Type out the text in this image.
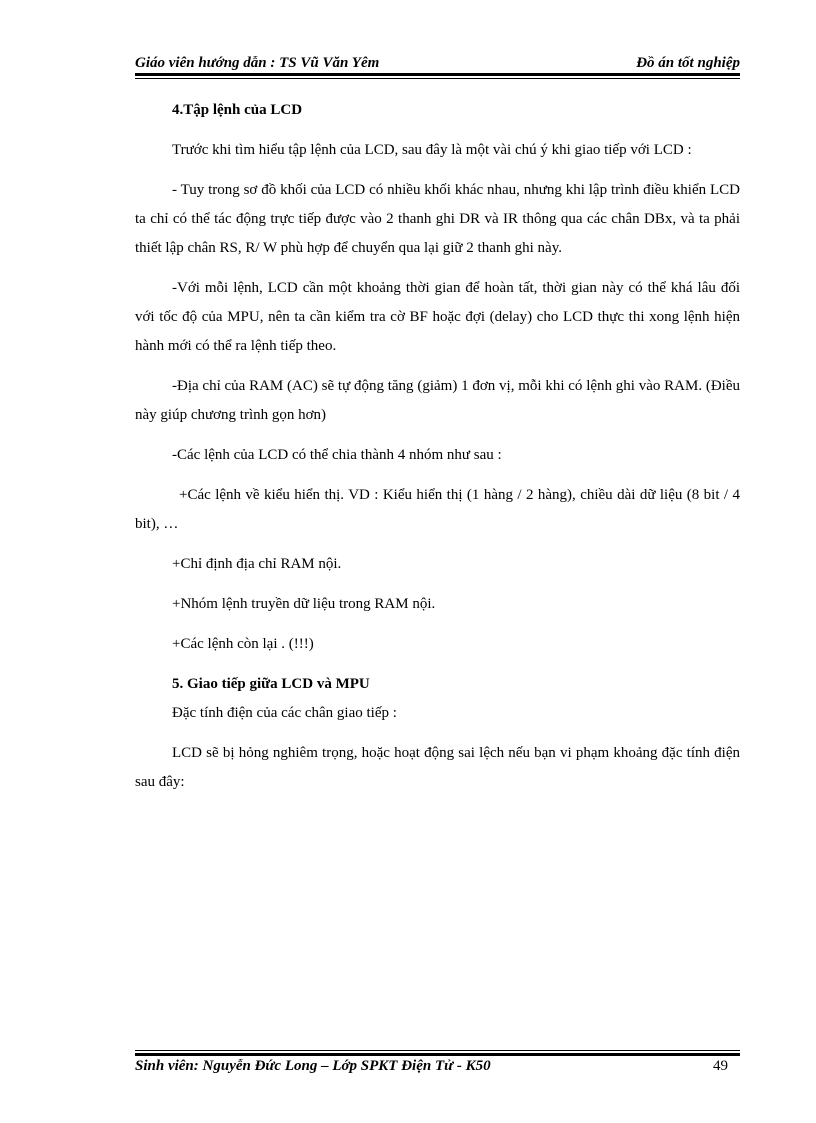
Giáo viên hướng dẫn : TS Vũ Văn Yêm	Đồ án tốt nghiệp

4.Tập lệnh của LCD

Trước khi tìm hiểu tập lệnh của LCD, sau đây là một vài chú ý khi giao tiếp với LCD :

- Tuy trong sơ đồ khối của LCD có nhiều khối khác nhau, nhưng khi lập trình điều khiển LCD ta chỉ có thể tác động trực tiếp được vào 2 thanh ghi DR và IR thông qua các chân DBx, và ta phải thiết lập chân RS, R/ W phù hợp để chuyển qua lại giữ 2 thanh ghi này.

-Với mỗi lệnh, LCD cần một khoảng thời gian để hoàn tất, thời gian này có thể khá lâu đối với tốc độ của MPU, nên ta cần kiểm tra cờ BF hoặc đợi (delay) cho LCD thực thi xong lệnh hiện hành mới có thể ra lệnh tiếp theo.

-Địa chỉ của RAM (AC) sẽ tự động tăng (giảm) 1 đơn vị, mỗi khi có lệnh ghi vào RAM. (Điều này giúp chương trình gọn hơn)

-Các lệnh của LCD có thể chia thành 4 nhóm như sau :

+Các lệnh về kiểu hiển thị. VD : Kiểu hiển thị (1 hàng / 2 hàng), chiều dài dữ liệu (8 bit / 4 bit), …

+Chỉ định địa chỉ RAM nội.

+Nhóm lệnh truyền dữ liệu trong RAM nội.

+Các lệnh còn lại . (!!!)

5. Giao tiếp giữa LCD và MPU

Đặc tính điện của các chân giao tiếp :

LCD sẽ bị hỏng nghiêm trọng, hoặc hoạt động sai lệch nếu bạn vi phạm khoảng đặc tính điện sau đây:

Sinh viên: Nguyễn Đức Long – Lớp SPKT Điện Tử - K50	49
